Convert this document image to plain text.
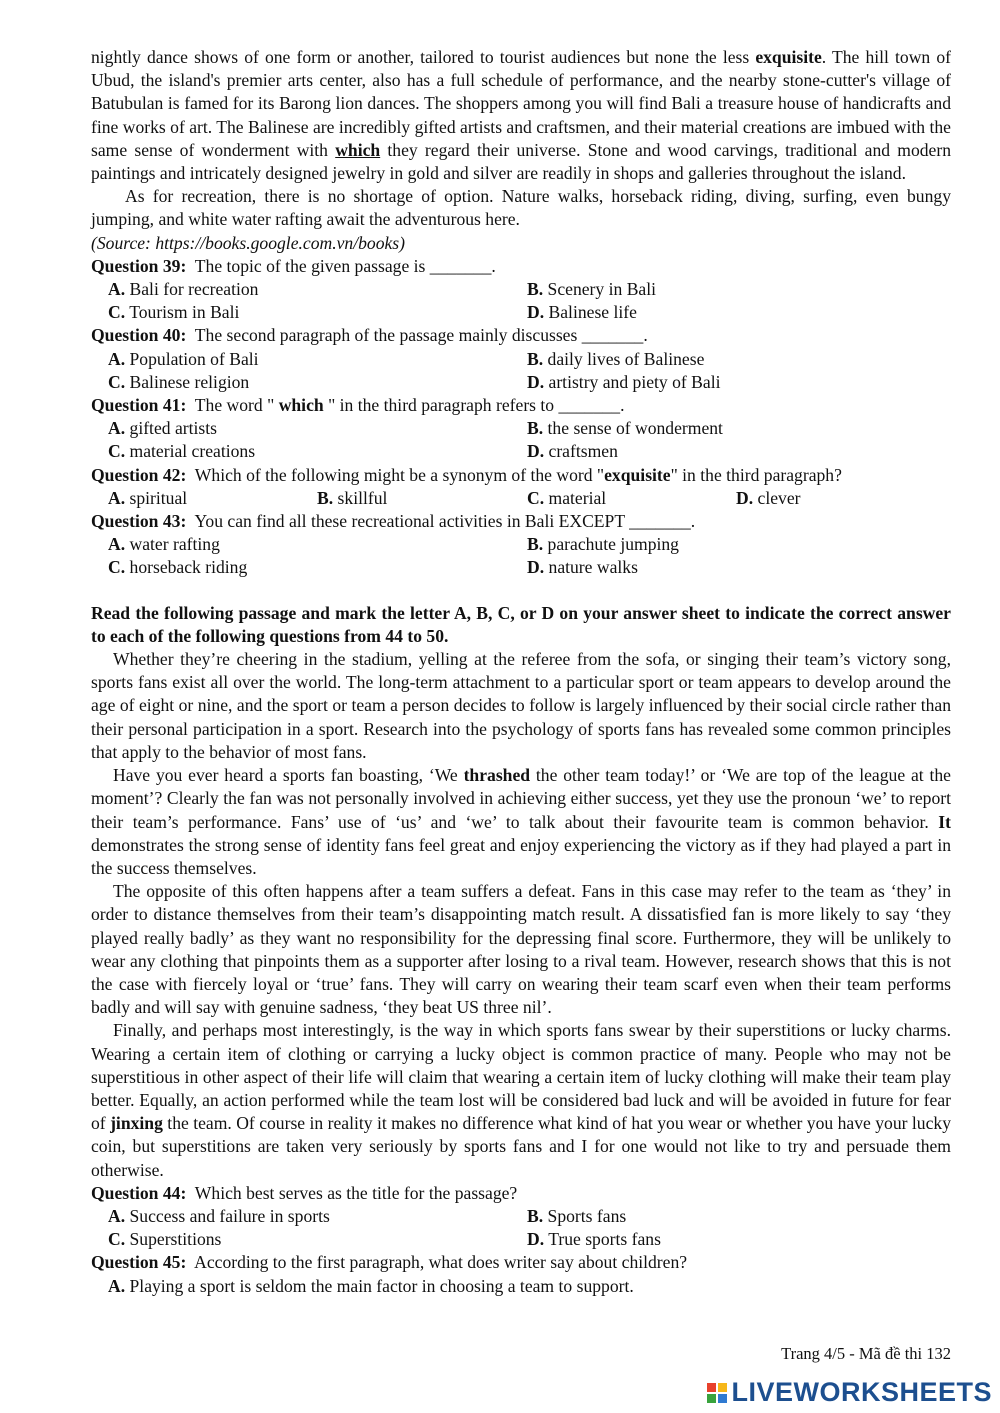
nightly dance shows of one form or another, tailored to tourist audiences but none the less exquisite. The hill town of Ubud, the island's premier arts center, also has a full schedule of performance, and the nearby stone-cutter's village of Batubulan is famed for its Barong lion dances. The shoppers among you will find Bali a treasure house of handicrafts and fine works of art. The Balinese are incredibly gifted artists and craftsmen, and their material creations are imbued with the same sense of wonderment with which they regard their universe. Stone and wood carvings, traditional and modern paintings and intricately designed jewelry in gold and silver are readily in shops and galleries throughout the island.

As for recreation, there is no shortage of option. Nature walks, horseback riding, diving, surfing, even bungy jumping, and white water rafting await the adventurous here.

(Source: https://books.google.com.vn/books)

Question 39: The topic of the given passage is _______.

A. Bali for recreation	B. Scenery in Bali
C. Tourism in Bali	D. Balinese life

Question 40: The second paragraph of the passage mainly discusses _______.

A. Population of Bali	B. daily lives of Balinese
C. Balinese religion	D. artistry and piety of Bali

Question 41: The word " which " in the third paragraph refers to _______.

A. gifted artists	B. the sense of wonderment
C. material creations	D. craftsmen

Question 42: Which of the following might be a synonym of the word "exquisite" in the third paragraph?

A. spiritual	B. skillful	C. material	D. clever

Question 43: You can find all these recreational activities in Bali EXCEPT _______.

A. water rafting	B. parachute jumping
C. horseback riding	D. nature walks

Read the following passage and mark the letter A, B, C, or D on your answer sheet to indicate the correct answer to each of the following questions from 44 to 50.

Whether they’re cheering in the stadium, yelling at the referee from the sofa, or singing their team’s victory song, sports fans exist all over the world. The long-term attachment to a particular sport or team appears to develop around the age of eight or nine, and the sport or team a person decides to follow is largely influenced by their social circle rather than their personal participation in a sport. Research into the psychology of sports fans has revealed some common principles that apply to the behavior of most fans.

Have you ever heard a sports fan boasting, ‘We thrashed the other team today!’ or ‘We are top of the league at the moment’? Clearly the fan was not personally involved in achieving either success, yet they use the pronoun ‘we’ to report their team’s performance. Fans’ use of ‘us’ and ‘we’ to talk about their favourite team is common behavior. It demonstrates the strong sense of identity fans feel great and enjoy experiencing the victory as if they had played a part in the success themselves.

The opposite of this often happens after a team suffers a defeat. Fans in this case may refer to the team as ‘they’ in order to distance themselves from their team’s disappointing match result. A dissatisfied fan is more likely to say ‘they played really badly’ as they want no responsibility for the depressing final score. Furthermore, they will be unlikely to wear any clothing that pinpoints them as a supporter after losing to a rival team. However, research shows that this is not the case with fiercely loyal or ‘true’ fans. They will carry on wearing their team scarf even when their team performs badly and will say with genuine sadness, ‘they beat US three nil’.

Finally, and perhaps most interestingly, is the way in which sports fans swear by their superstitions or lucky charms. Wearing a certain item of clothing or carrying a lucky object is common practice of many. People who may not be superstitious in other aspect of their life will claim that wearing a certain item of lucky clothing will make their team play better. Equally, an action performed while the team lost will be considered bad luck and will be avoided in future for fear of jinxing the team. Of course in reality it makes no difference what kind of hat you wear or whether you have your lucky coin, but superstitions are taken very seriously by sports fans and I for one would not like to try and persuade them otherwise.

Question 44: Which best serves as the title for the passage?

A. Success and failure in sports	B. Sports fans
C. Superstitions	D. True sports fans

Question 45: According to the first paragraph, what does writer say about children?

A. Playing a sport is seldom the main factor in choosing a team to support.
Trang 4/5 - Mã đề thi 132
LIVEWORKSHEETS
